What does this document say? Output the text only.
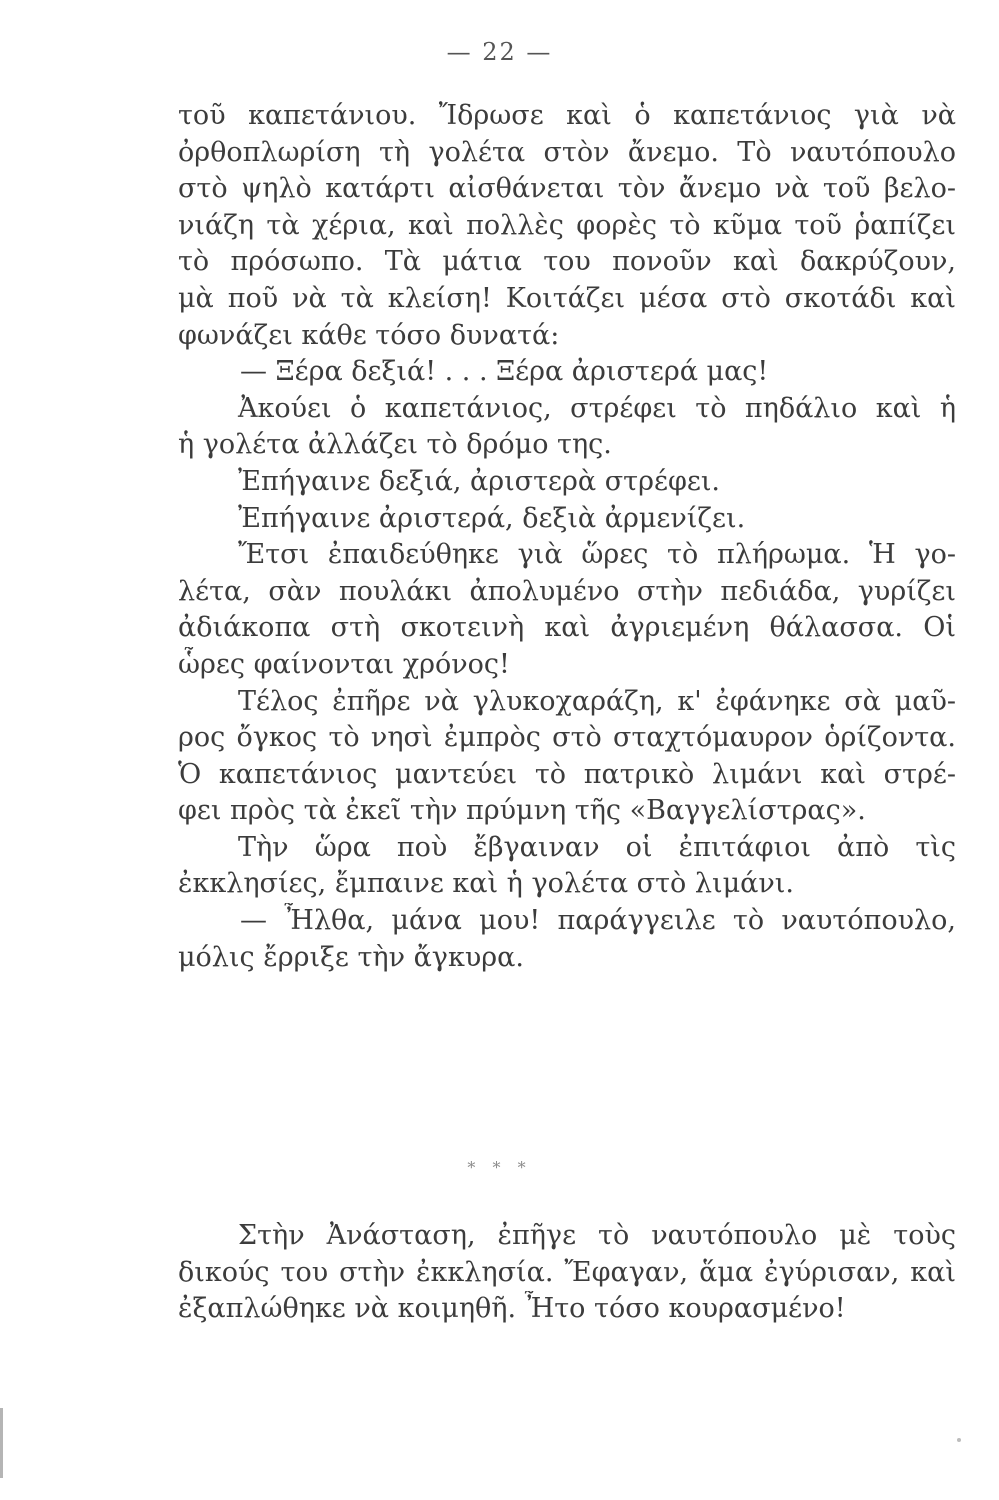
— 22 —
τοῦ καπετάνιου. Ἴδρωσε καὶ ὁ καπετάνιος γιὰ νὰ
ὀρθοπλωρίση τὴ γολέτα στὸν ἄνεμο. Τὸ ναυτόπουλο
στὸ ψηλὸ κατάρτι αἰσθάνεται τὸν ἄνεμο νὰ τοῦ βελο-
νιάζη τὰ χέρια, καὶ πολλὲς φορὲς τὸ κῦμα τοῦ ῥαπίζει
τὸ πρόσωπο. Τὰ μάτια του πονοῦν καὶ δακρύζουν,
μὰ ποῦ νὰ τὰ κλείση! Κοιτάζει μέσα στὸ σκοτάδι καὶ
φωνάζει κάθε τόσο δυνατά:
— Ξέρα δεξιά! . . . Ξέρα ἀριστερά μας!
Ἀκούει ὁ καπετάνιος, στρέφει τὸ πηδάλιο καὶ ἡ
ἡ γολέτα ἀλλάζει τὸ δρόμο της.
Ἐπήγαινε δεξιά, ἀριστερὰ στρέφει.
Ἐπήγαινε ἀριστερά, δεξιὰ ἀρμενίζει.
Ἔτσι ἐπαιδεύθηκε γιὰ ὥρες τὸ πλήρωμα. Ἡ γο-
λέτα, σὰν πουλάκι ἀπολυμένο στὴν πεδιάδα, γυρίζει
ἀδιάκοπα στὴ σκοτεινὴ καὶ ἀγριεμένη θάλασσα. Οἱ
ὧρες φαίνονται χρόνος!
Τέλος ἐπῆρε νὰ γλυκοχαράζη, κ' ἐφάνηκε σὰ μαῦ-
ρος ὄγκος τὸ νησὶ ἐμπρὸς στὸ σταχτόμαυρον ὁρίζοντα.
Ὁ καπετάνιος μαντεύει τὸ πατρικὸ λιμάνι καὶ στρέ-
φει πρὸς τὰ ἐκεῖ τὴν πρύμνη τῆς «Βαγγελίστρας».
Τὴν ὥρα ποὺ ἔβγαιναν οἱ ἐπιτάφιοι ἀπὸ τὶς
ἐκκλησίες, ἔμπαινε καὶ ἡ γολέτα στὸ λιμάνι.
— Ἦλθα, μάνα μου! παράγγειλε τὸ ναυτόπουλο,
μόλις ἔρριξε τὴν ἄγκυρα.
* * *
Στὴν Ἀνάσταση, ἐπῆγε τὸ ναυτόπουλο μὲ τοὺς
δικούς του στὴν ἐκκλησία. Ἔφαγαν, ἅμα ἐγύρισαν, καὶ
ἐξαπλώθηκε νὰ κοιμηθῆ. Ἦτο τόσο κουρασμένο!
